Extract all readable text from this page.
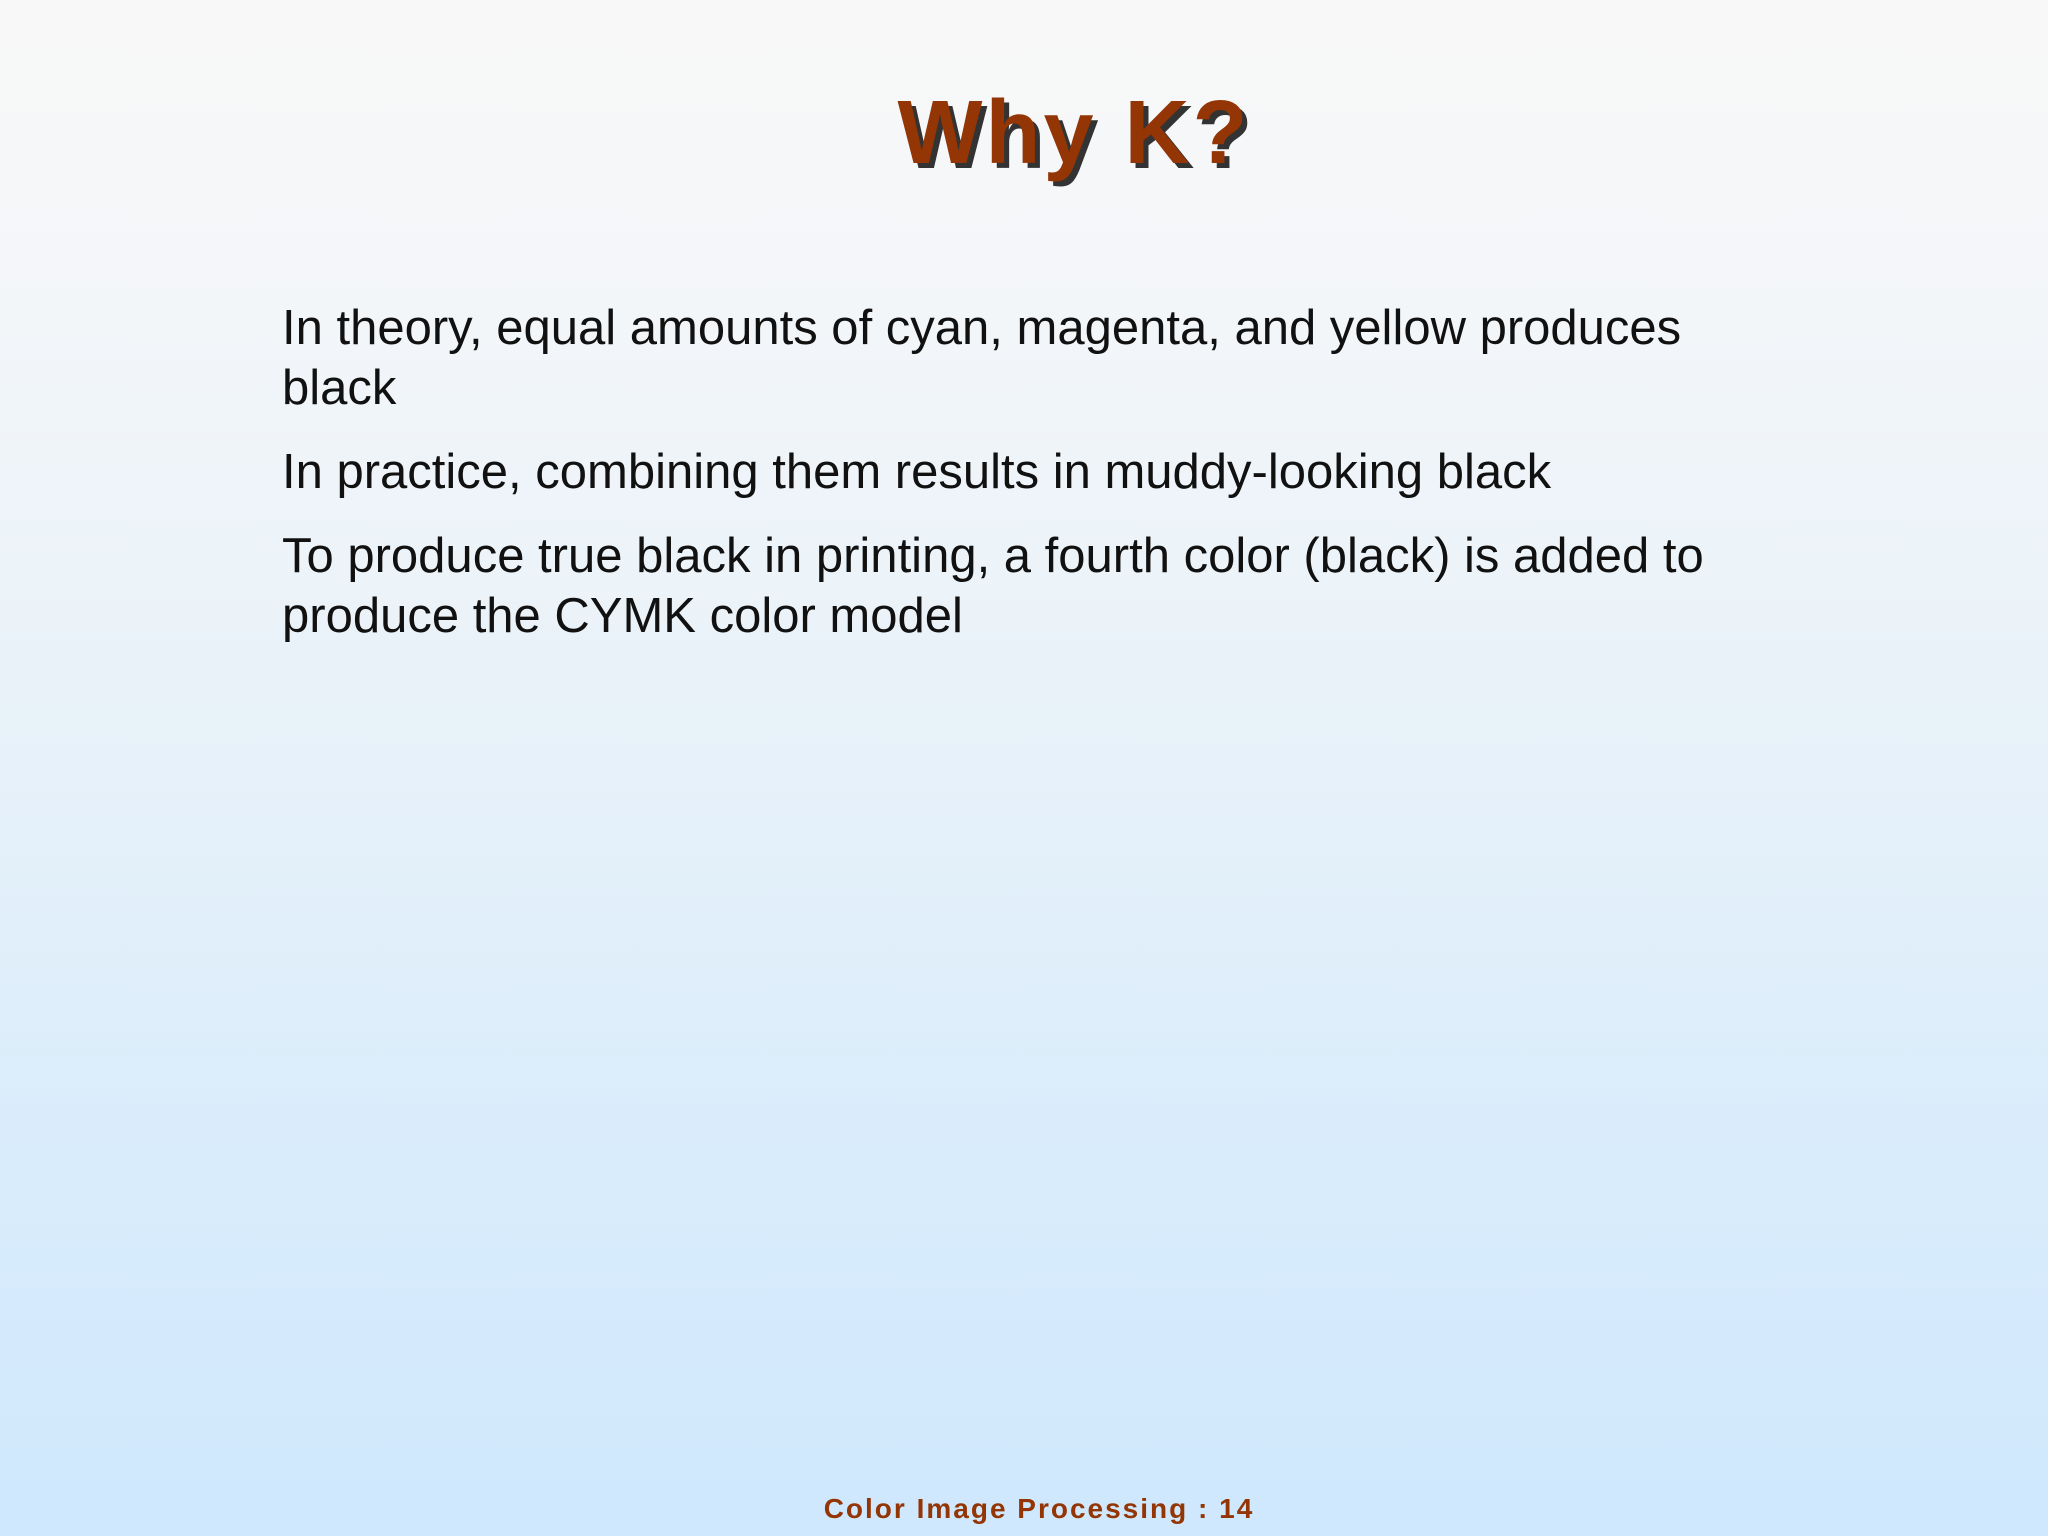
Why K?
In theory, equal amounts of cyan, magenta, and yellow produces black
In practice, combining them results in muddy-looking black
To produce true black in printing, a fourth color (black) is added to produce the CYMK color model
Color Image Processing : 14
